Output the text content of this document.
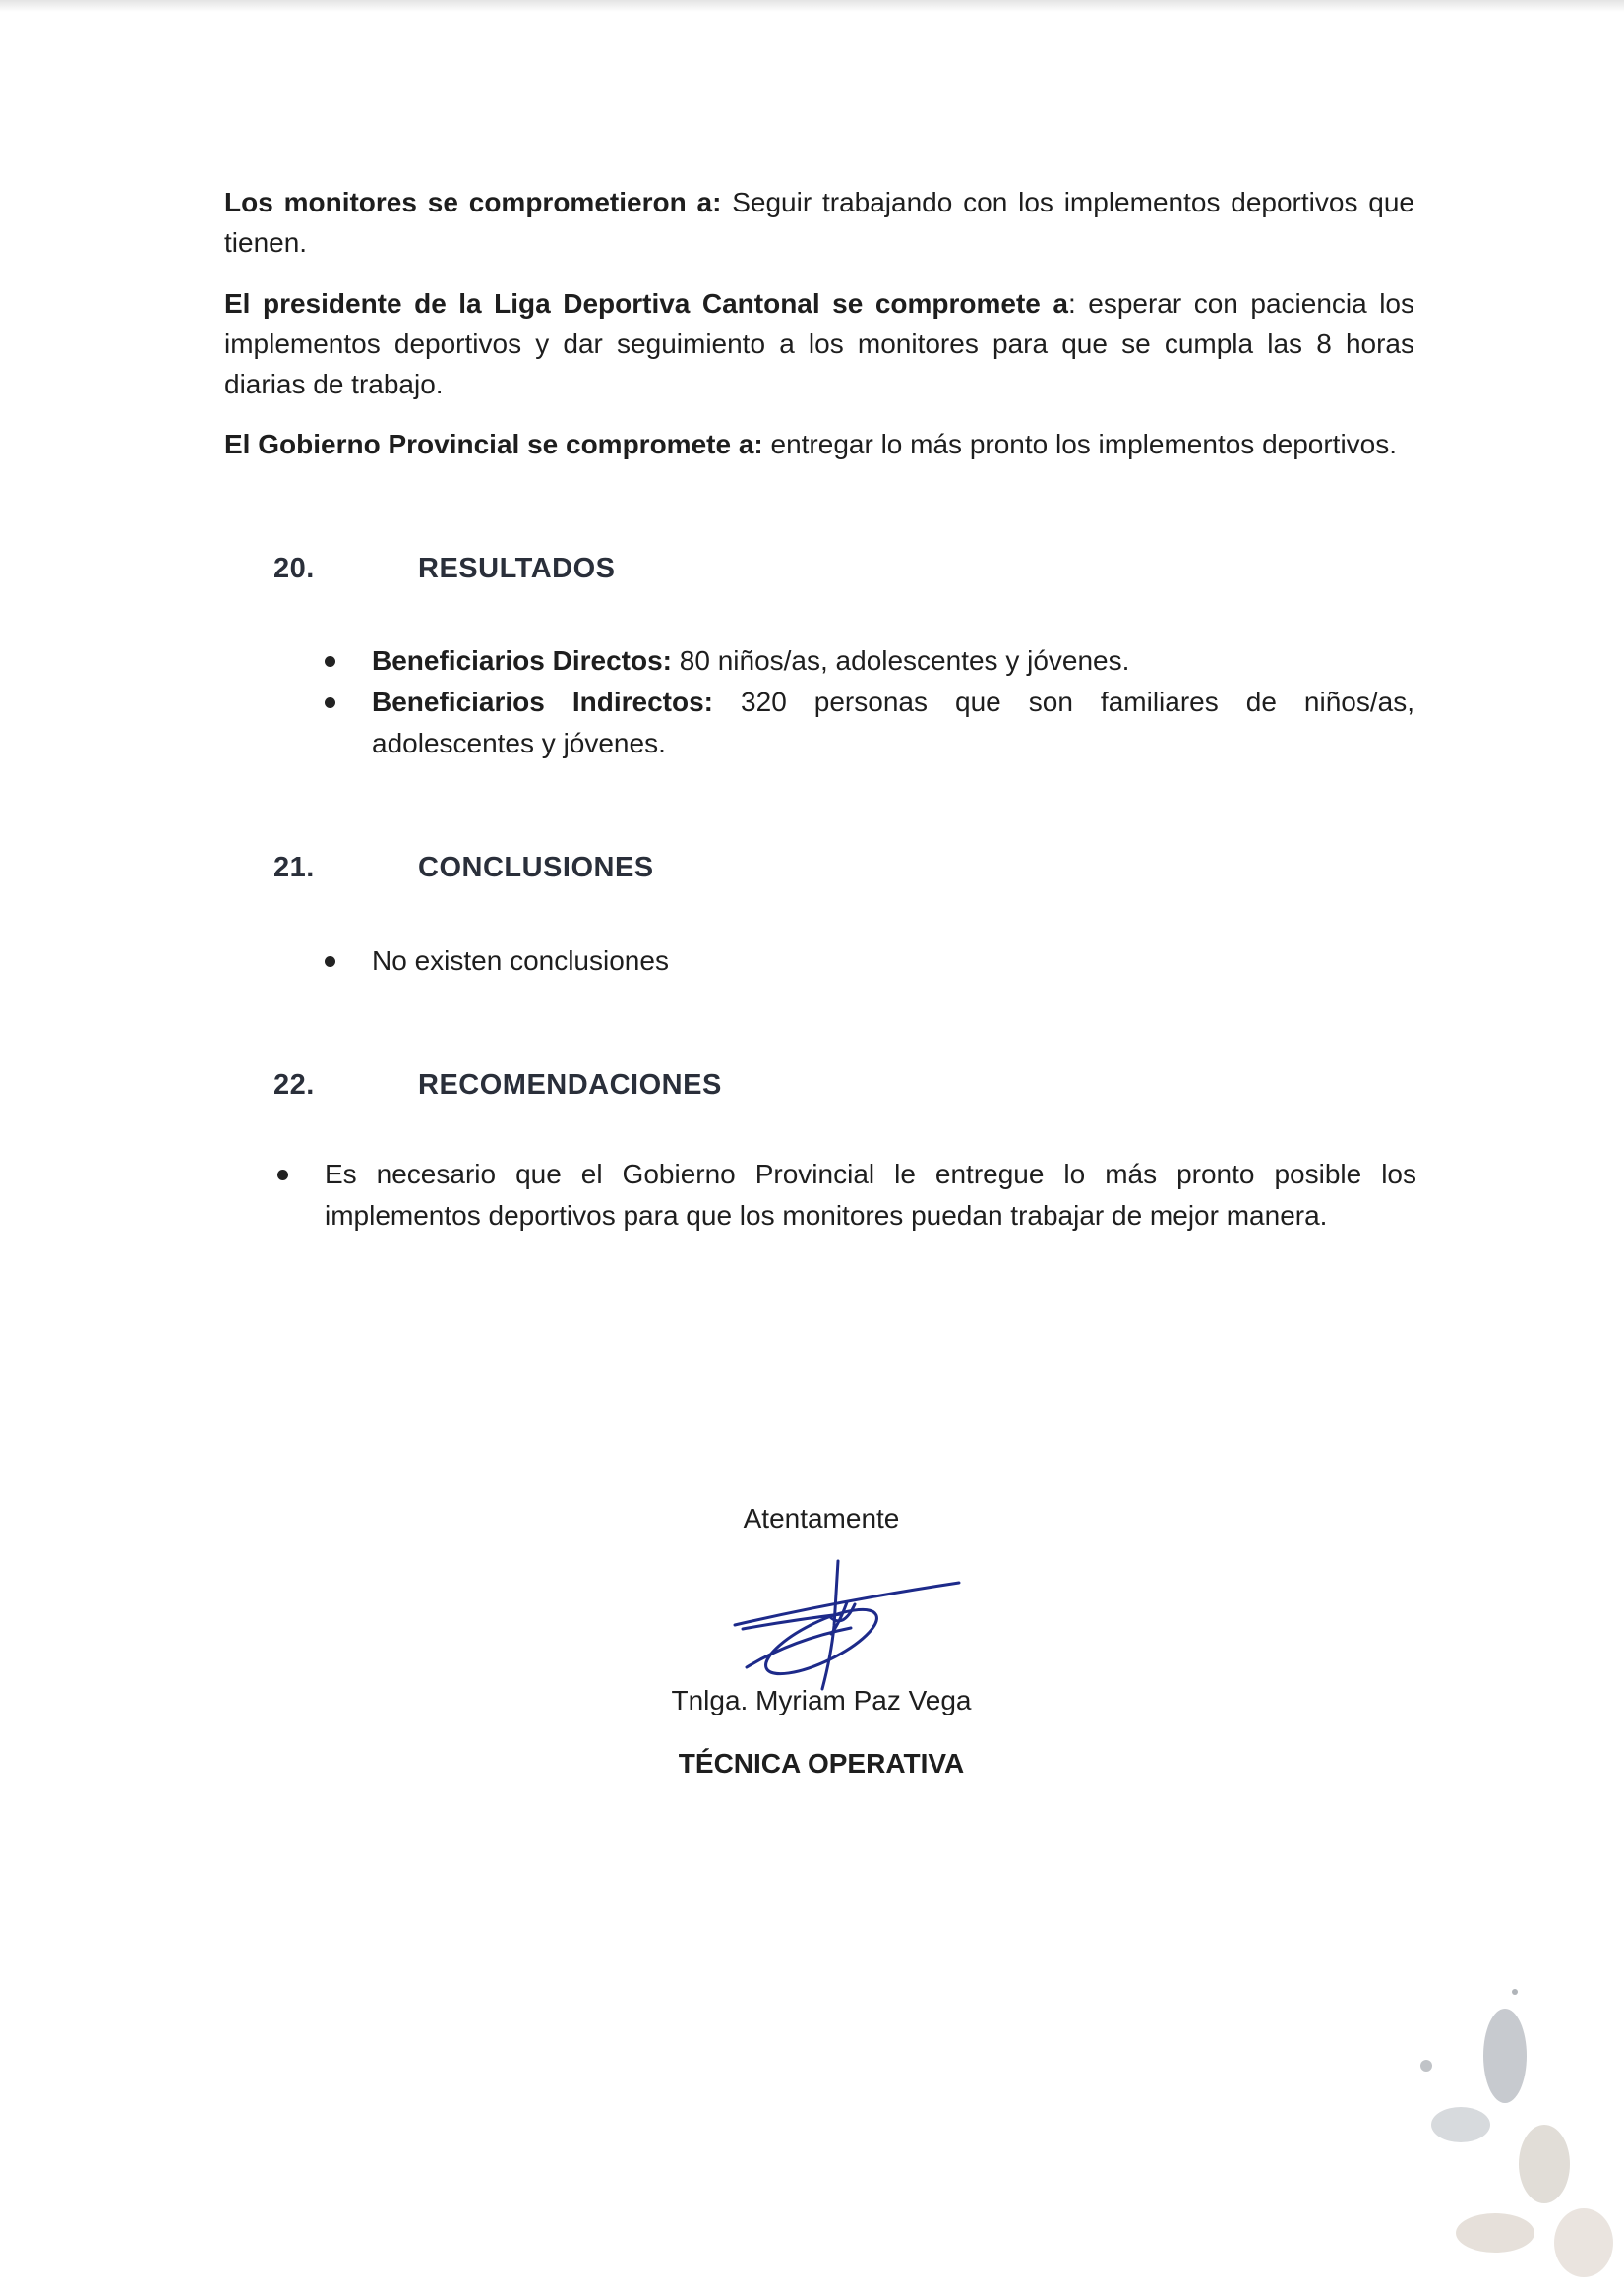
Los monitores se comprometieron a: Seguir trabajando con los implementos deportivos que tienen.

El presidente de la Liga Deportiva Cantonal se compromete a: esperar con paciencia los implementos deportivos y dar seguimiento a los monitores para que se cumpla las 8 horas diarias de trabajo.

El Gobierno Provincial se compromete a: entregar lo más pronto los implementos deportivos.

20.	RESULTADOS
Beneficiarios Directos: 80 niños/as, adolescentes y jóvenes.
Beneficiarios Indirectos: 320 personas que son familiares de niños/as, adolescentes y jóvenes.
21.	CONCLUSIONES
No existen conclusiones
22.	RECOMENDACIONES
Es necesario que el Gobierno Provincial le entregue lo más pronto posible los implementos deportivos para que los monitores puedan trabajar de mejor manera.

Atentamente

Tnlga. Myriam Paz Vega

TÉCNICA OPERATIVA
